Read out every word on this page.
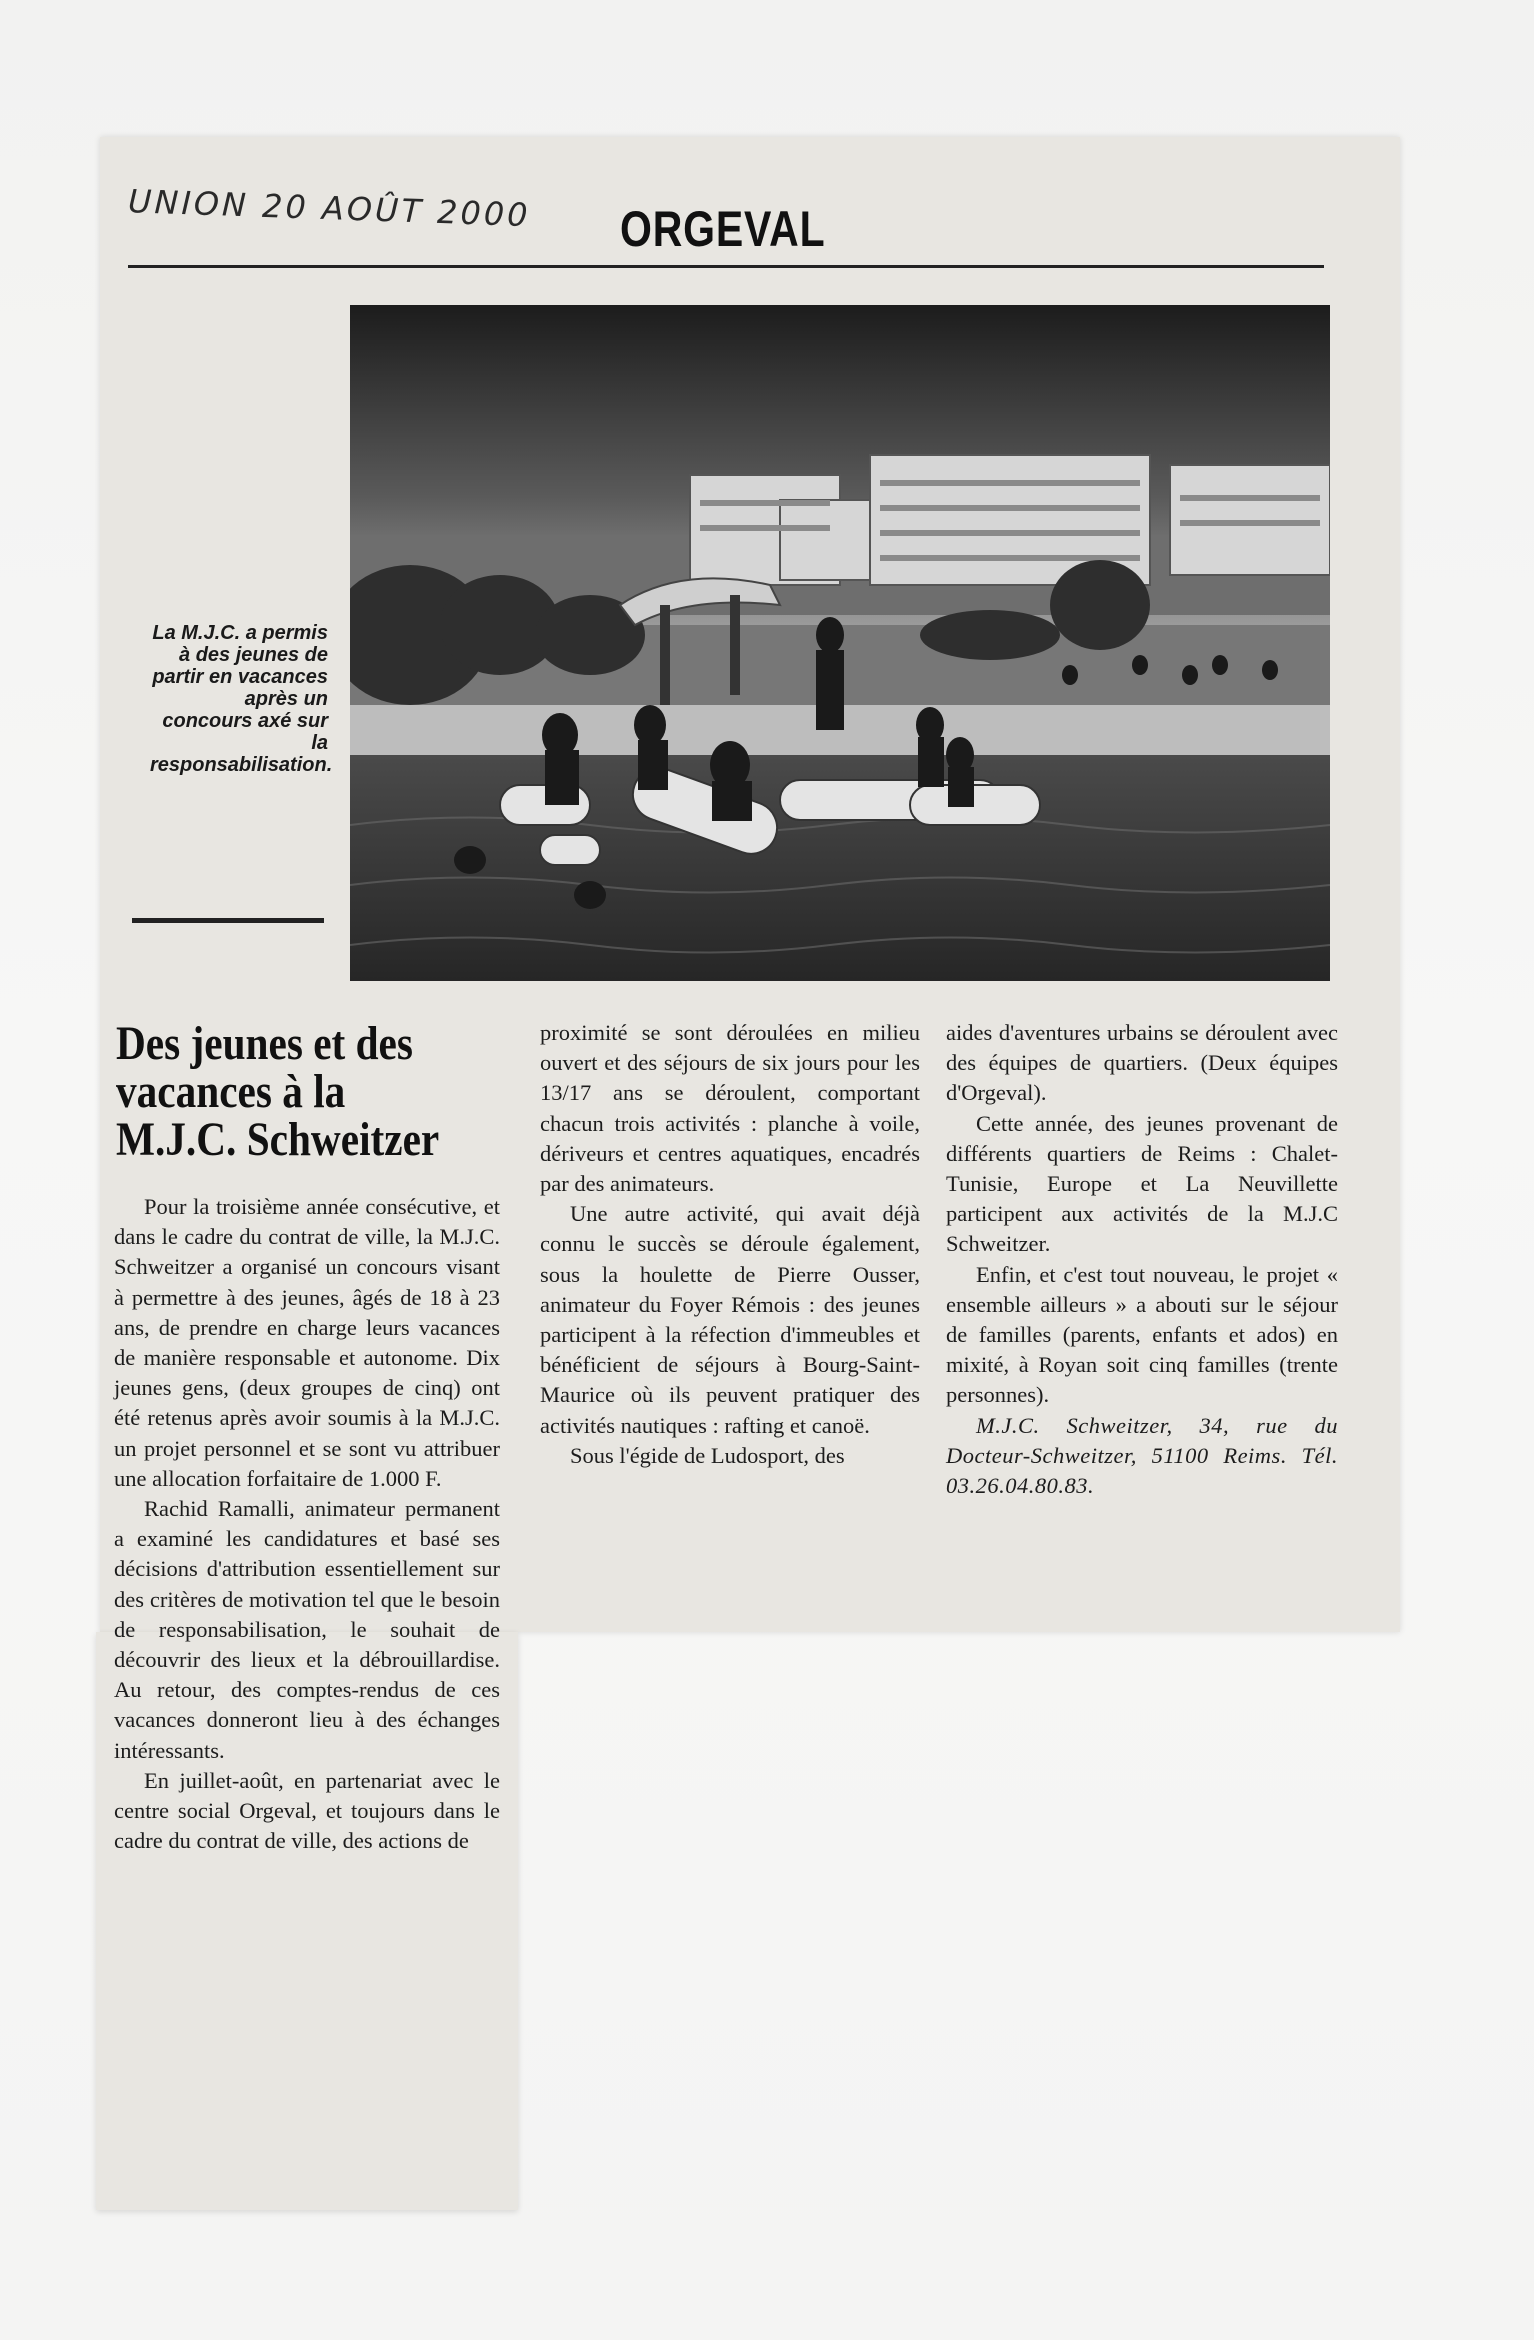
UNION 20 AOÛT 2000	ORGEVAL
La M.J.C. a permis à des jeunes de partir en vacances après un concours axé sur la responsabilisation.
Des jeunes et des vacances à la M.J.C. Schweitzer

Pour la troisième année consécutive, et dans le cadre du contrat de ville, la M.J.C. Schweitzer a organisé un concours visant à permettre à des jeunes, âgés de 18 à 23 ans, de prendre en charge leurs vacances de manière responsable et autonome. Dix jeunes gens, (deux groupes de cinq) ont été retenus après avoir soumis à la M.J.C. un projet personnel et se sont vu attribuer une allocation forfaitaire de 1.000 F.

Rachid Ramalli, animateur permanent a examiné les candidatures et basé ses décisions d'attribution essentiellement sur des critères de motivation tel que le besoin de responsabilisation, le souhait de découvrir des lieux et la débrouillardise. Au retour, des comptes-rendus de ces vacances donneront lieu à des échanges intéressants.

En juillet-août, en partenariat avec le centre social Orgeval, et toujours dans le cadre du contrat de ville, des actions de

proximité se sont déroulées en milieu ouvert et des séjours de six jours pour les 13/17 ans se déroulent, comportant chacun trois activités : planche à voile, dériveurs et centres aquatiques, encadrés par des animateurs.

Une autre activité, qui avait déjà connu le succès se déroule également, sous la houlette de Pierre Ousser, animateur du Foyer Rémois : des jeunes participent à la réfection d'immeubles et bénéficient de séjours à Bourg-Saint-Maurice où ils peuvent pratiquer des activités nautiques : rafting et canoë.

Sous l'égide de Ludosport, des

aides d'aventures urbains se déroulent avec des équipes de quartiers. (Deux équipes d'Orgeval).

Cette année, des jeunes provenant de différents quartiers de Reims : Chalet-Tunisie, Europe et La Neuvillette participent aux activités de la M.J.C Schweitzer.

Enfin, et c'est tout nouveau, le projet « ensemble ailleurs » a abouti sur le séjour de familles (parents, enfants et ados) en mixité, à Royan soit cinq familles (trente personnes).

M.J.C. Schweitzer, 34, rue du Docteur-Schweitzer, 51100 Reims. Tél. 03.26.04.80.83.
